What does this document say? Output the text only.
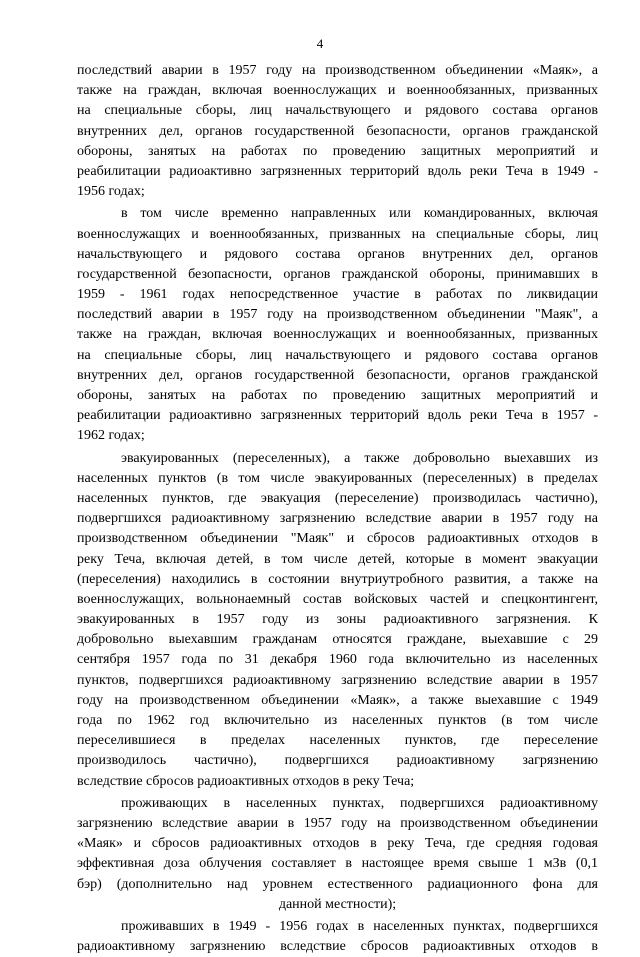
4
последствий аварии в 1957 году на производственном объединении «Маяк», а
также на граждан, включая военнослужащих и военнообязанных, призванных
на специальные сборы, лиц начальствующего и рядового состава органов
внутренних дел, органов государственной безопасности, органов гражданской
обороны, занятых на работах по проведению защитных мероприятий и
реабилитации радиоактивно загрязненных территорий вдоль реки Теча в 1949 -
1956 годах;
в том числе временно направленных или командированных, включая
военнослужащих и военнообязанных, призванных на специальные сборы, лиц
начальствующего и рядового состава органов внутренних дел, органов
государственной безопасности, органов гражданской обороны, принимавших в
1959 - 1961 годах непосредственное участие в работах по ликвидации
последствий аварии в 1957 году на производственном объединении "Маяк", а
также на граждан, включая военнослужащих и военнообязанных, призванных
на специальные сборы, лиц начальствующего и рядового состава органов
внутренних дел, органов государственной безопасности, органов гражданской
обороны, занятых на работах по проведению защитных мероприятий и
реабилитации радиоактивно загрязненных территорий вдоль реки Теча в 1957 -
1962 годах;
эвакуированных (переселенных), а также добровольно выехавших из
населенных пунктов (в том числе эвакуированных (переселенных) в пределах
населенных пунктов, где эвакуация (переселение) производилась частично),
подвергшихся радиоактивному загрязнению вследствие аварии в 1957 году на
производственном объединении "Маяк" и сбросов радиоактивных отходов в
реку Теча, включая детей, в том числе детей, которые в момент эвакуации
(переселения) находились в состоянии внутриутробного развития, а также на
военнослужащих, вольнонаемный состав войсковых частей и спецконтингент,
эвакуированных в 1957 году из зоны радиоактивного загрязнения. К
добровольно выехавшим гражданам относятся граждане, выехавшие с 29
сентября 1957 года по 31 декабря 1960 года включительно из населенных
пунктов, подвергшихся радиоактивному загрязнению вследствие аварии в 1957
году на производственном объединении «Маяк», а также выехавшие с 1949
года по 1962 год включительно из населенных пунктов (в том числе
переселившиеся в пределах населенных пунктов, где переселение
производилось частично), подвергшихся радиоактивному загрязнению
вследствие сбросов радиоактивных отходов в реку Теча;
проживающих в населенных пунктах, подвергшихся радиоактивному
загрязнению вследствие аварии в 1957 году на производственном объединении
«Маяк» и сбросов радиоактивных отходов в реку Теча, где средняя годовая
эффективная доза облучения составляет в настоящее время свыше 1 мЗв (0,1
бэр) (дополнительно над уровнем естественного радиационного фона для
данной местности);
проживавших в 1949 - 1956 годах в населенных пунктах, подвергшихся
радиоактивному загрязнению вследствие сбросов радиоактивных отходов в
